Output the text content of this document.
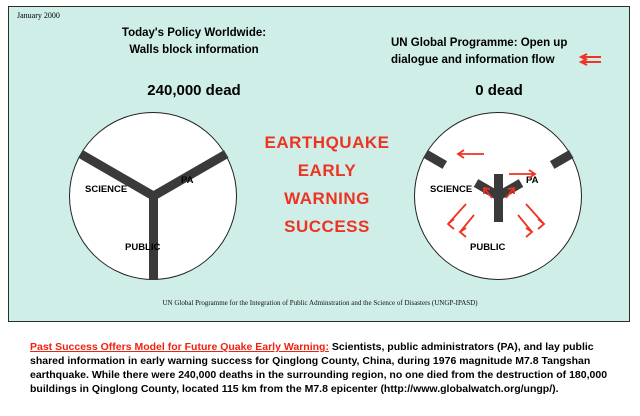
January 2000
Today's Policy Worldwide:
Walls block information
UN Global Programme: Open up
dialogue and information flow
240,000 dead	0 dead
EARTHQUAKE
EARLY
WARNING
SUCCESS
SCIENCE
PA
PUBLIC
SCIENCE
PA
PUBLIC
UN Global Programme for the Integration of Public Adminstration and the Science of Disasters (UNGP-IPASD)
Past Success Offers Model for Future Quake Early Warning: Scientists, public administrators (PA), and lay public shared information in early warning success for Qinglong County, China, during 1976 magnitude M7.8 Tangshan earthquake. While there were 240,000 deaths in the surrounding region, no one died from the destruction of 180,000 buildings in Qinglong County, located 115 km from the M7.8 epicenter (http://www.globalwatch.org/ungp/).
